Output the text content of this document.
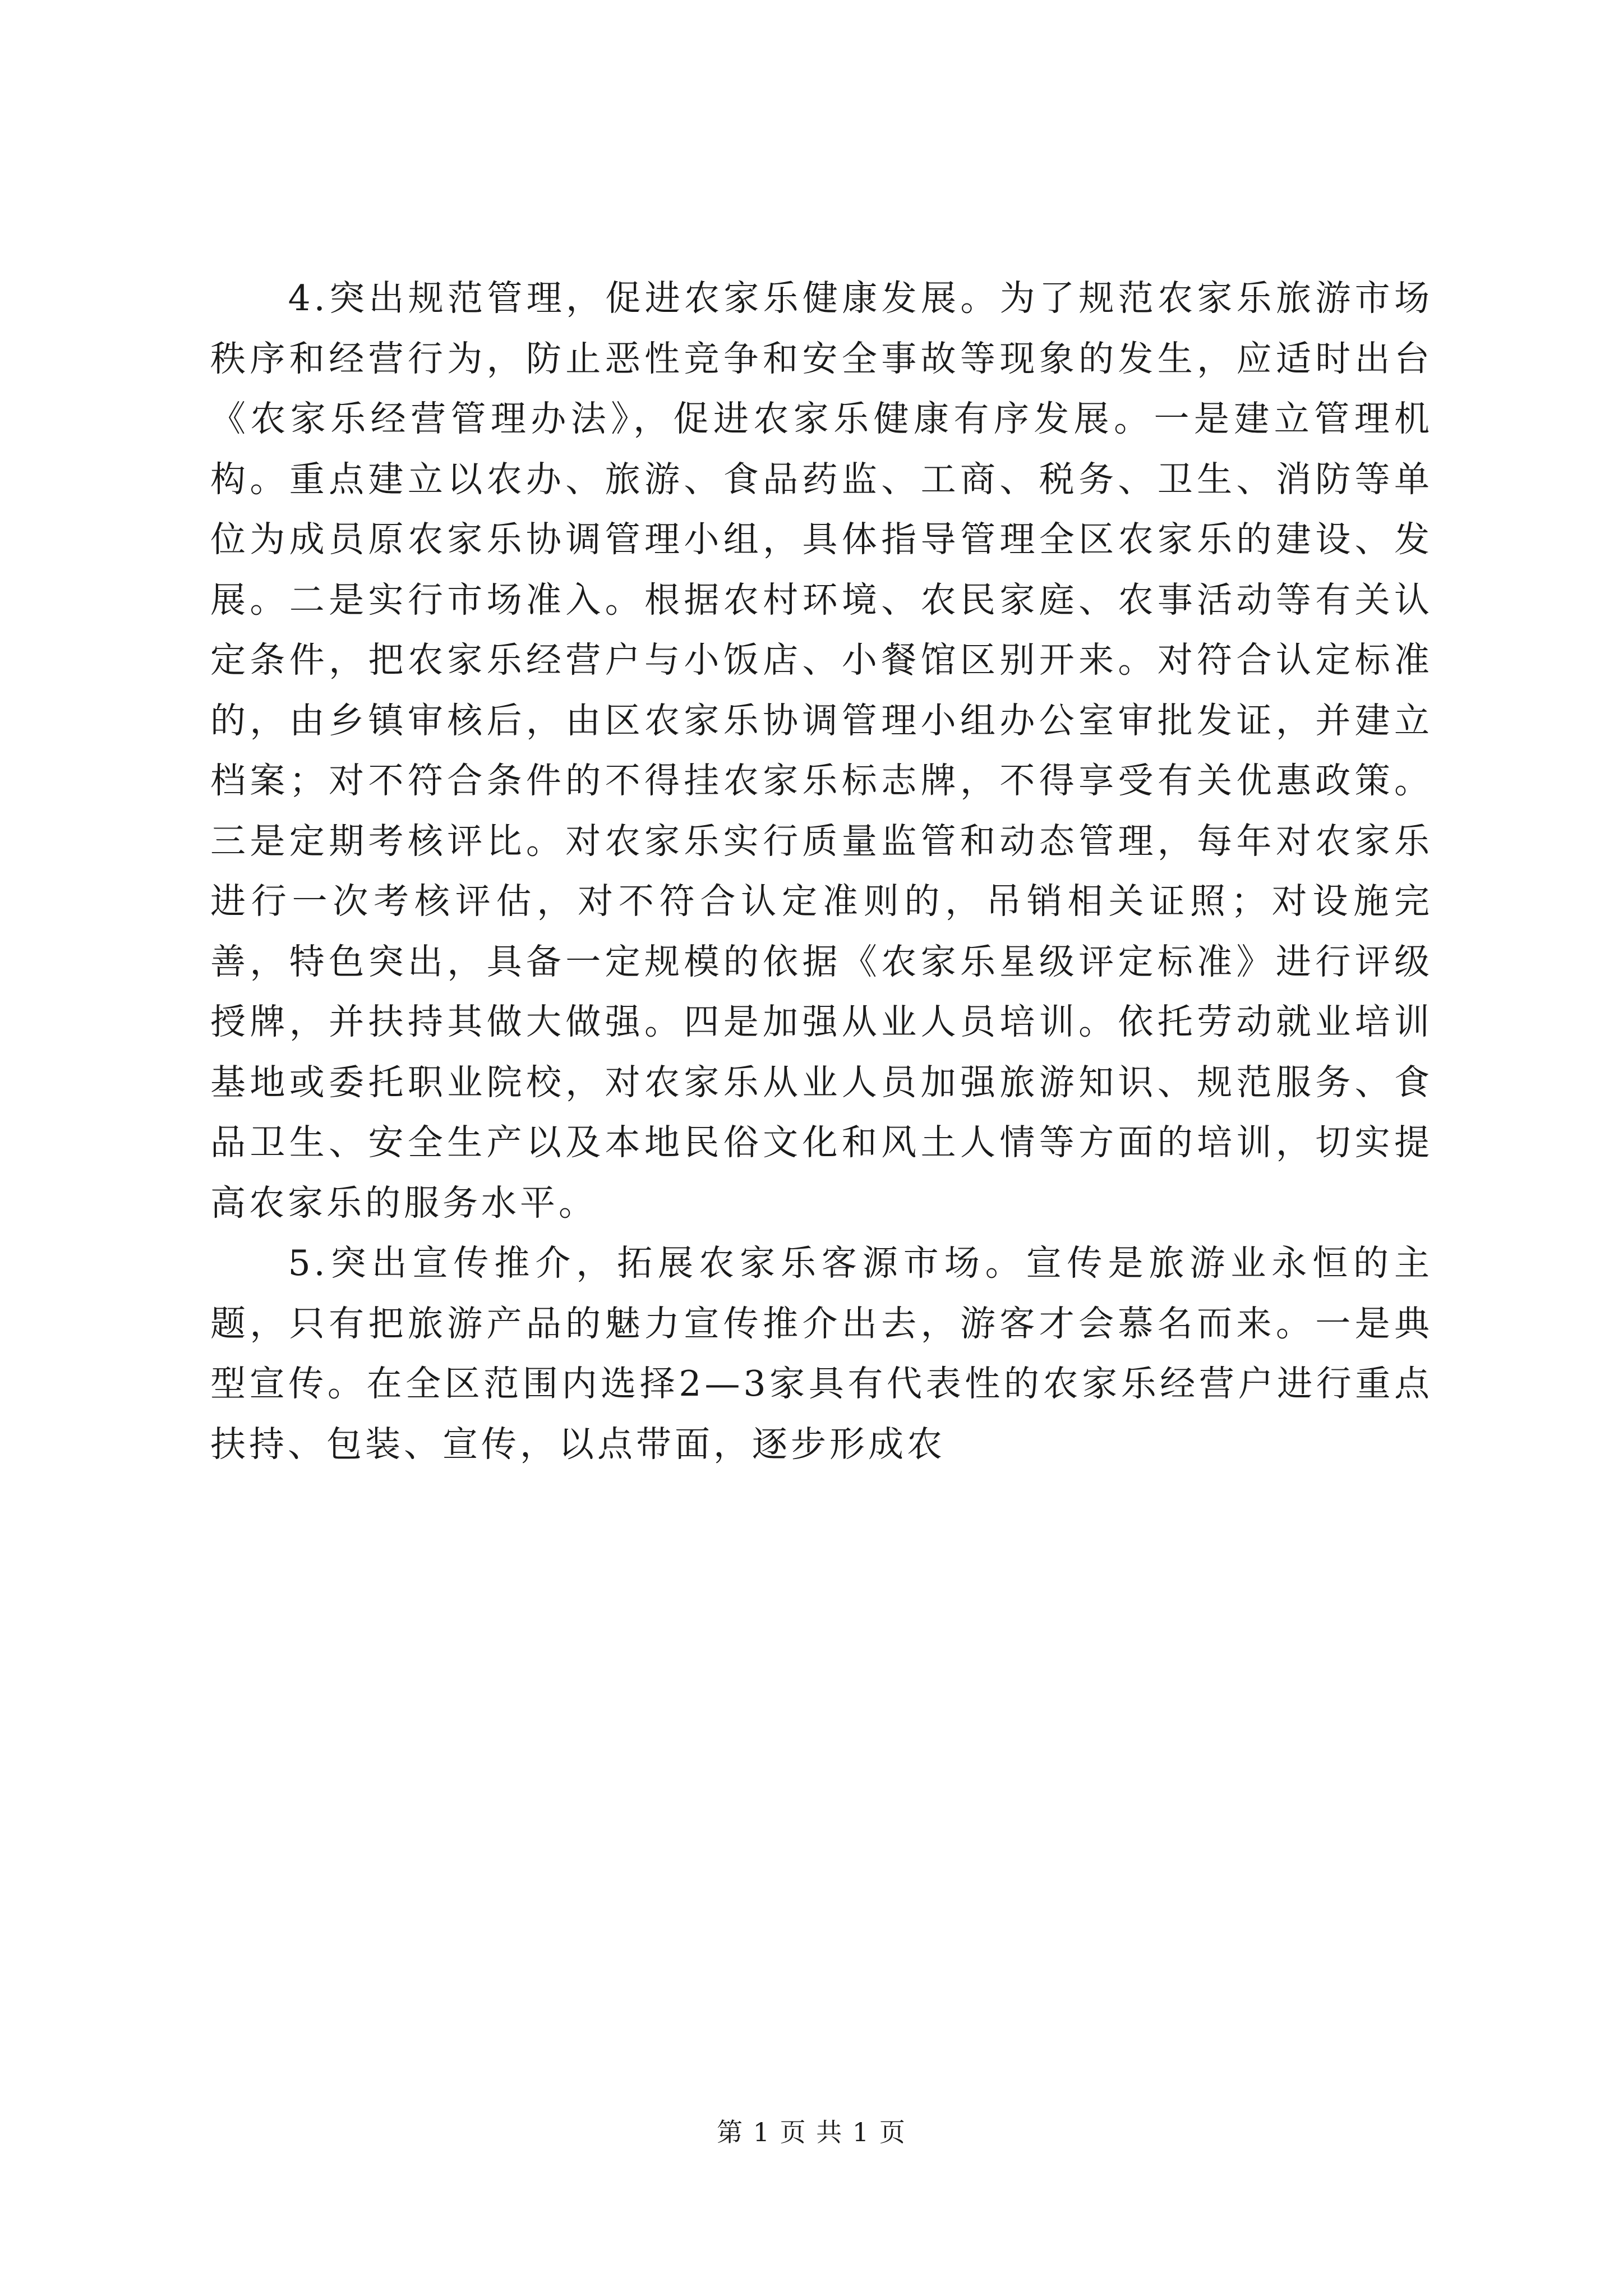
4.突出规范管理，促进农家乐健康发展。为了规范农家乐旅游市场秩序和经营行为，防止恶性竞争和安全事故等现象的发生，应适时出台《农家乐经营管理办法》，促进农家乐健康有序发展。一是建立管理机构。重点建立以农办、旅游、食品药监、工商、税务、卫生、消防等单位为成员原农家乐协调管理小组，具体指导管理全区农家乐的建设、发展。二是实行市场准入。根据农村环境、农民家庭、农事活动等有关认定条件，把农家乐经营户与小饭店、小餐馆区别开来。对符合认定标准的，由乡镇审核后，由区农家乐协调管理小组办公室审批发证，并建立档案；对不符合条件的不得挂农家乐标志牌，不得享受有关优惠政策。三是定期考核评比。对农家乐实行质量监管和动态管理，每年对农家乐进行一次考核评估，对不符合认定准则的，吊销相关证照；对设施完善，特色突出，具备一定规模的依据《农家乐星级评定标准》进行评级授牌，并扶持其做大做强。四是加强从业人员培训。依托劳动就业培训基地或委托职业院校，对农家乐从业人员加强旅游知识、规范服务、食品卫生、安全生产以及本地民俗文化和风土人情等方面的培训，切实提高农家乐的服务水平。

5.突出宣传推介，拓展农家乐客源市场。宣传是旅游业永恒的主题，只有把旅游产品的魅力宣传推介出去，游客才会慕名而来。一是典型宣传。在全区范围内选择2—3家具有代表性的农家乐经营户进行重点扶持、包装、宣传，以点带面，逐步形成农

第 1 页 共 1 页
